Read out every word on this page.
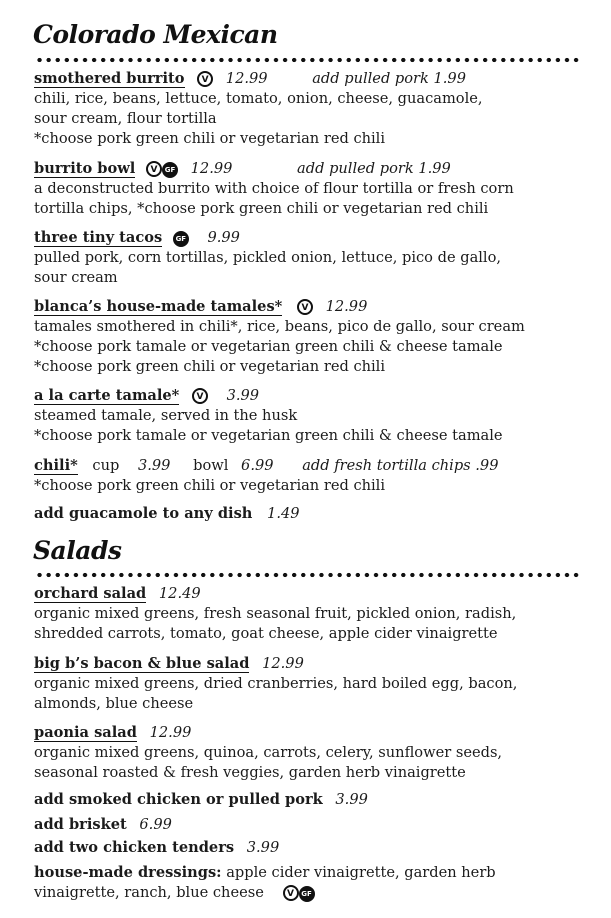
Colorado Mexican
smothered burrito V 12.99	add pulled pork 1.99
chili, rice, beans, lettuce, tomato, onion, cheese, guacamole,
sour cream, flour tortilla
*choose pork green chili or vegetarian red chili
burrito bowl V GF 12.99	add pulled pork 1.99
a deconstructed burrito with choice of flour tortilla or fresh corn
tortilla chips, *choose pork green chili or vegetarian red chili
three tiny tacos GF 9.99
pulled pork, corn tortillas, pickled onion, lettuce, pico de gallo,
sour cream
blanca’s house-made tamales* V 12.99
tamales smothered in chili*, rice, beans, pico de gallo, sour cream
*choose pork tamale or vegetarian green chili & cheese tamale
*choose pork green chili or vegetarian red chili
a la carte tamale* V 3.99
steamed tamale, served in the husk
*choose pork tamale or vegetarian green chili & cheese tamale
chili* cup 3.99 bowl 6.99 add fresh tortilla chips .99
*choose pork green chili or vegetarian red chili
add guacamole to any dish 1.49
Salads
orchard salad 12.49
organic mixed greens, fresh seasonal fruit, pickled onion, radish,
shredded carrots, tomato, goat cheese, apple cider vinaigrette
big b’s bacon & blue salad 12.99
organic mixed greens, dried cranberries, hard boiled egg, bacon,
almonds, blue cheese
paonia salad 12.99
organic mixed greens, quinoa, carrots, celery, sunflower seeds,
seasonal roasted & fresh veggies, garden herb vinaigrette
add smoked chicken or pulled pork 3.99
add brisket 6.99
add two chicken tenders 3.99
house-made dressings: apple cider vinaigrette, garden herb
vinaigrette, ranch, blue cheese	V GF
